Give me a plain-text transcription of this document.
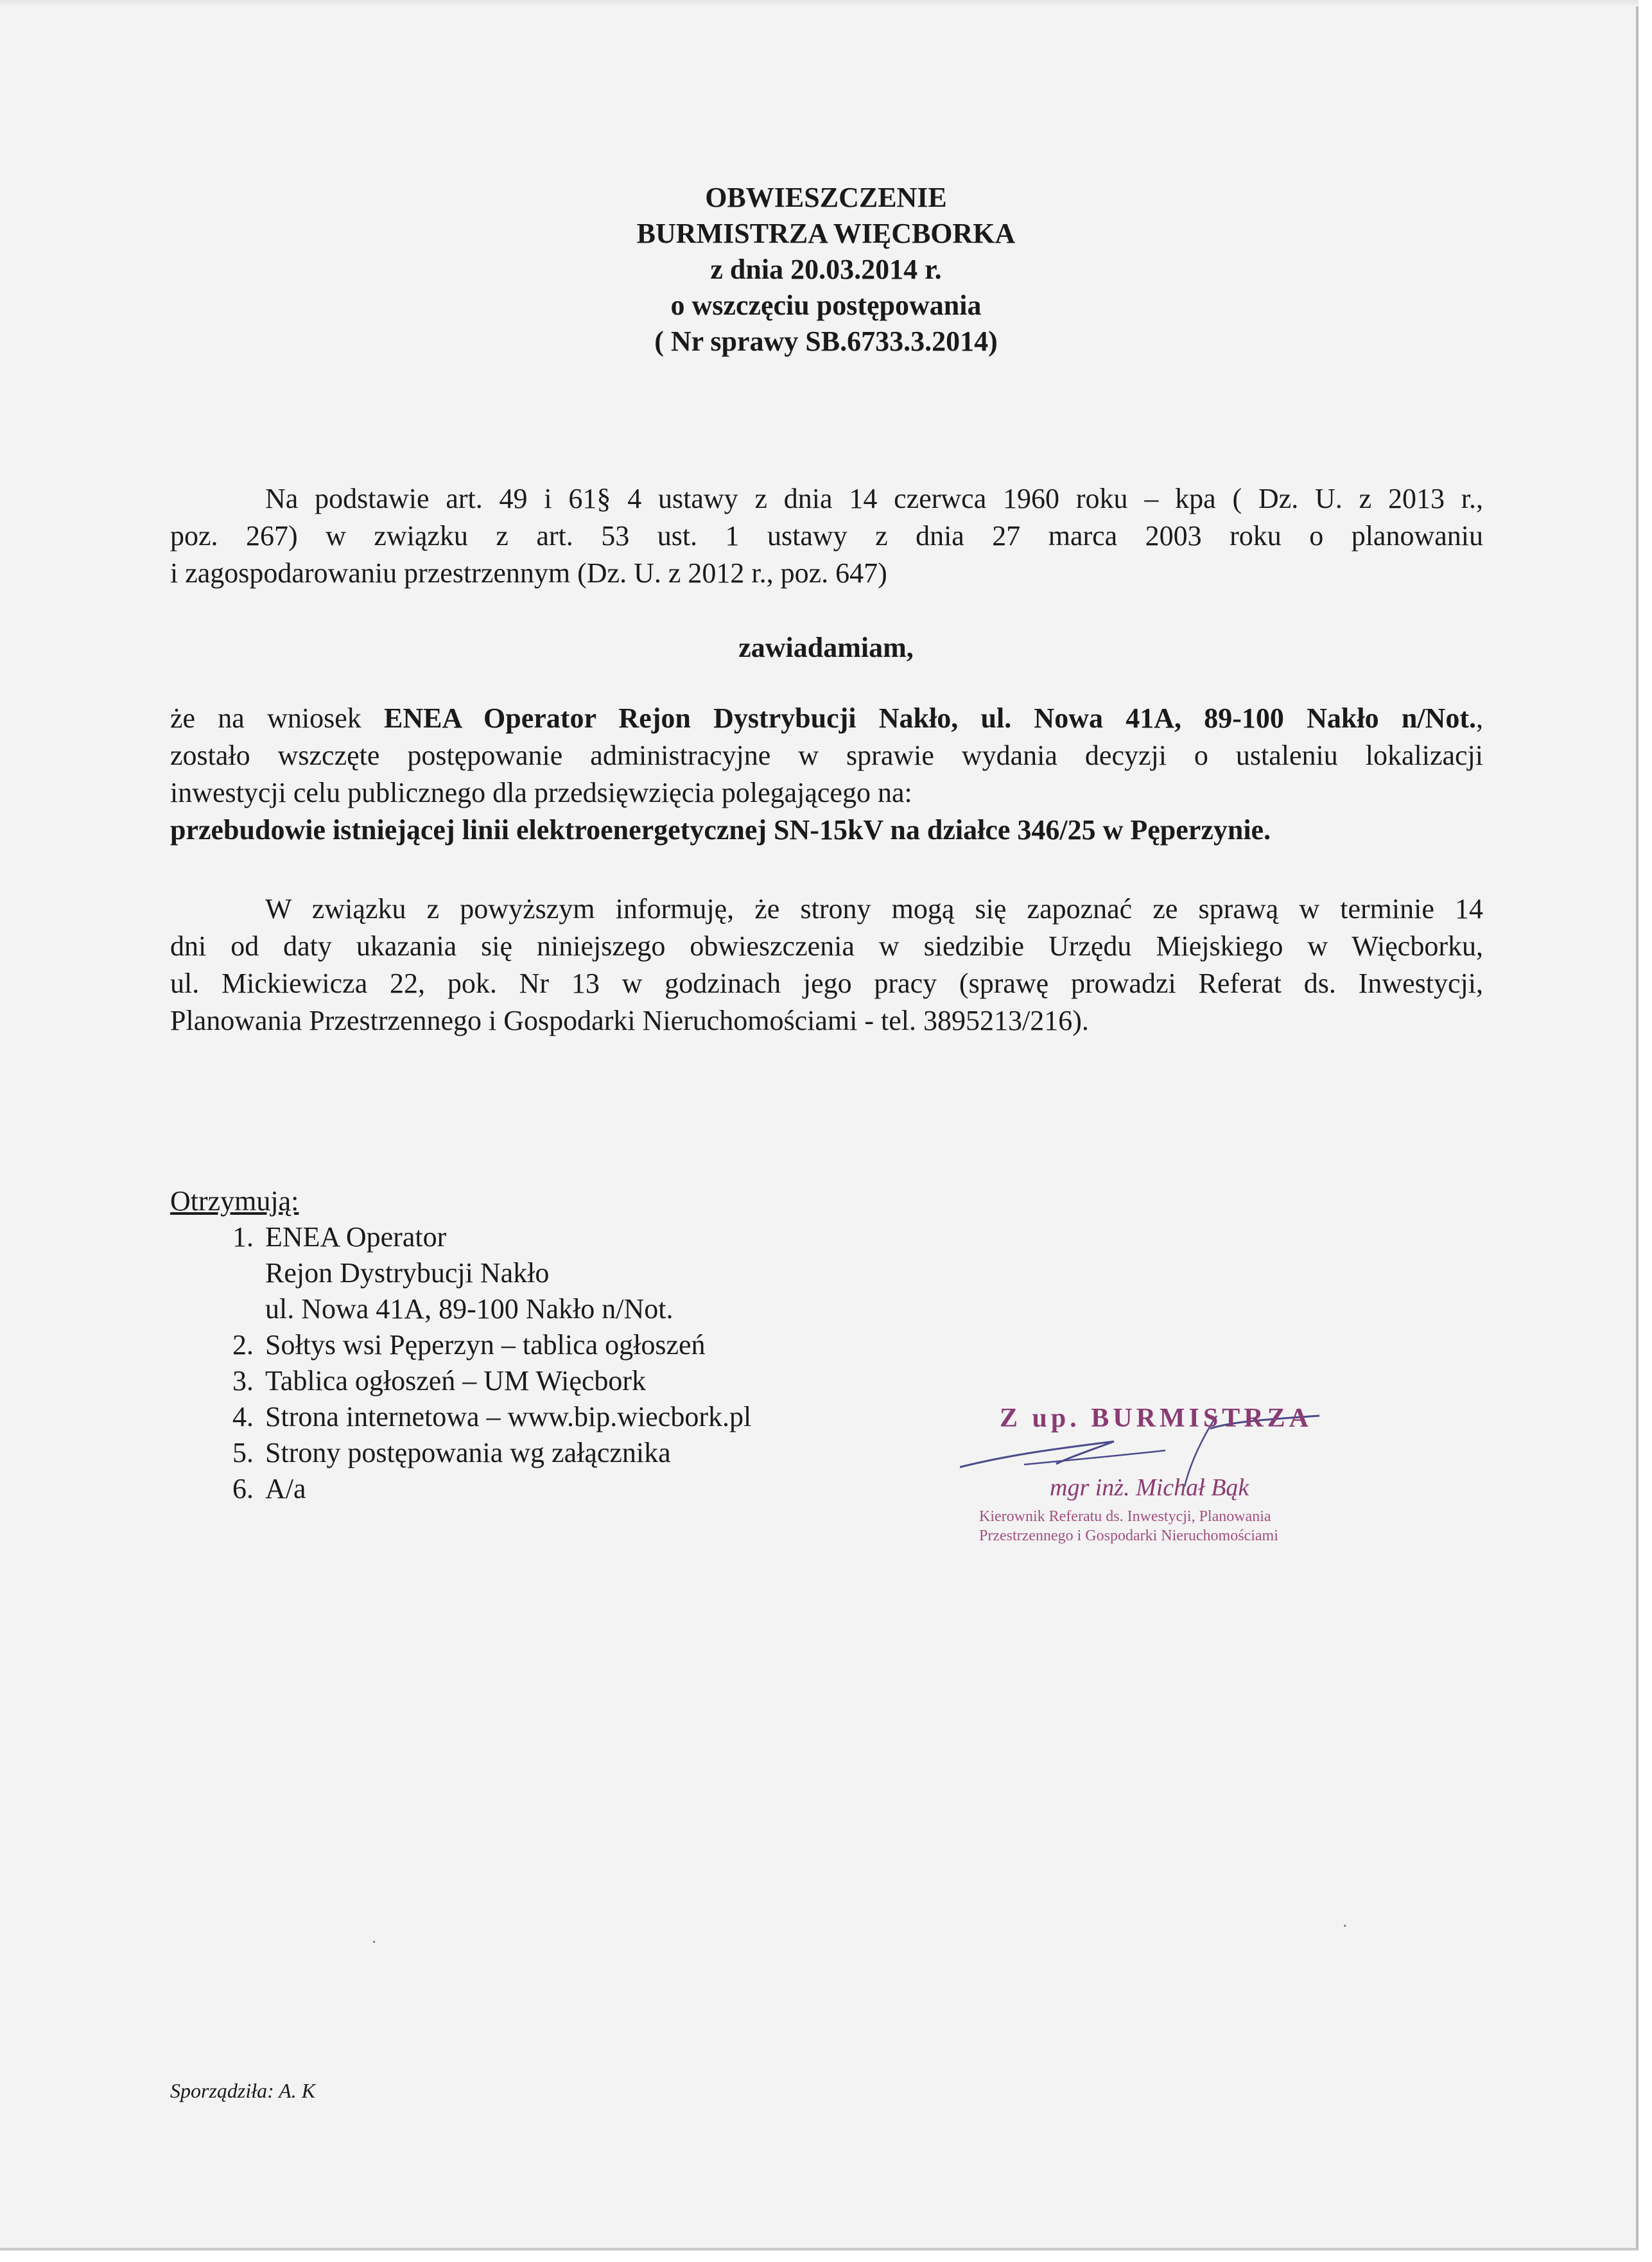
OBWIESZCZENIE
BURMISTRZA WIĘCBORKA
z dnia 20.03.2014 r.
o wszczęciu postępowania
( Nr sprawy SB.6733.3.2014)
Na podstawie art. 49 i 61§ 4 ustawy z dnia 14 czerwca 1960 roku – kpa ( Dz. U. z 2013 r.,
poz. 267) w związku z art. 53 ust. 1 ustawy z dnia 27 marca 2003 roku o planowaniu
i zagospodarowaniu przestrzennym (Dz. U. z 2012 r., poz. 647)
zawiadamiam,
że na wniosek ENEA Operator Rejon Dystrybucji Nakło, ul. Nowa 41A, 89-100 Nakło n/Not.,
zostało wszczęte postępowanie administracyjne w sprawie wydania decyzji o ustaleniu lokalizacji
inwestycji celu publicznego dla przedsięwzięcia polegającego na:
przebudowie istniejącej linii elektroenergetycznej SN-15kV na działce 346/25 w Pęperzynie.
W związku z powyższym informuję, że strony mogą się zapoznać ze sprawą w terminie 14
dni od daty ukazania się niniejszego obwieszczenia w siedzibie Urzędu Miejskiego w Więcborku,
ul. Mickiewicza 22, pok. Nr 13 w godzinach jego pracy (sprawę prowadzi Referat ds. Inwestycji,
Planowania Przestrzennego i Gospodarki Nieruchomościami - tel. 3895213/216).
Otrzymują:
1. ENEA Operator
Rejon Dystrybucji Nakło
ul. Nowa 41A, 89-100 Nakło n/Not.
2. Sołtys wsi Pęperzyn – tablica ogłoszeń
3. Tablica ogłoszeń – UM Więcbork
4. Strona internetowa – www.bip.wiecbork.pl
5. Strony postępowania wg załącznika
6. A/a
Z up. BURMISTRZA
mgr inż. Michał Bąk
Kierownik Referatu ds. Inwestycji, Planowania
Przestrzennego i Gospodarki Nieruchomościami
·
·
Sporządziła: A. K
